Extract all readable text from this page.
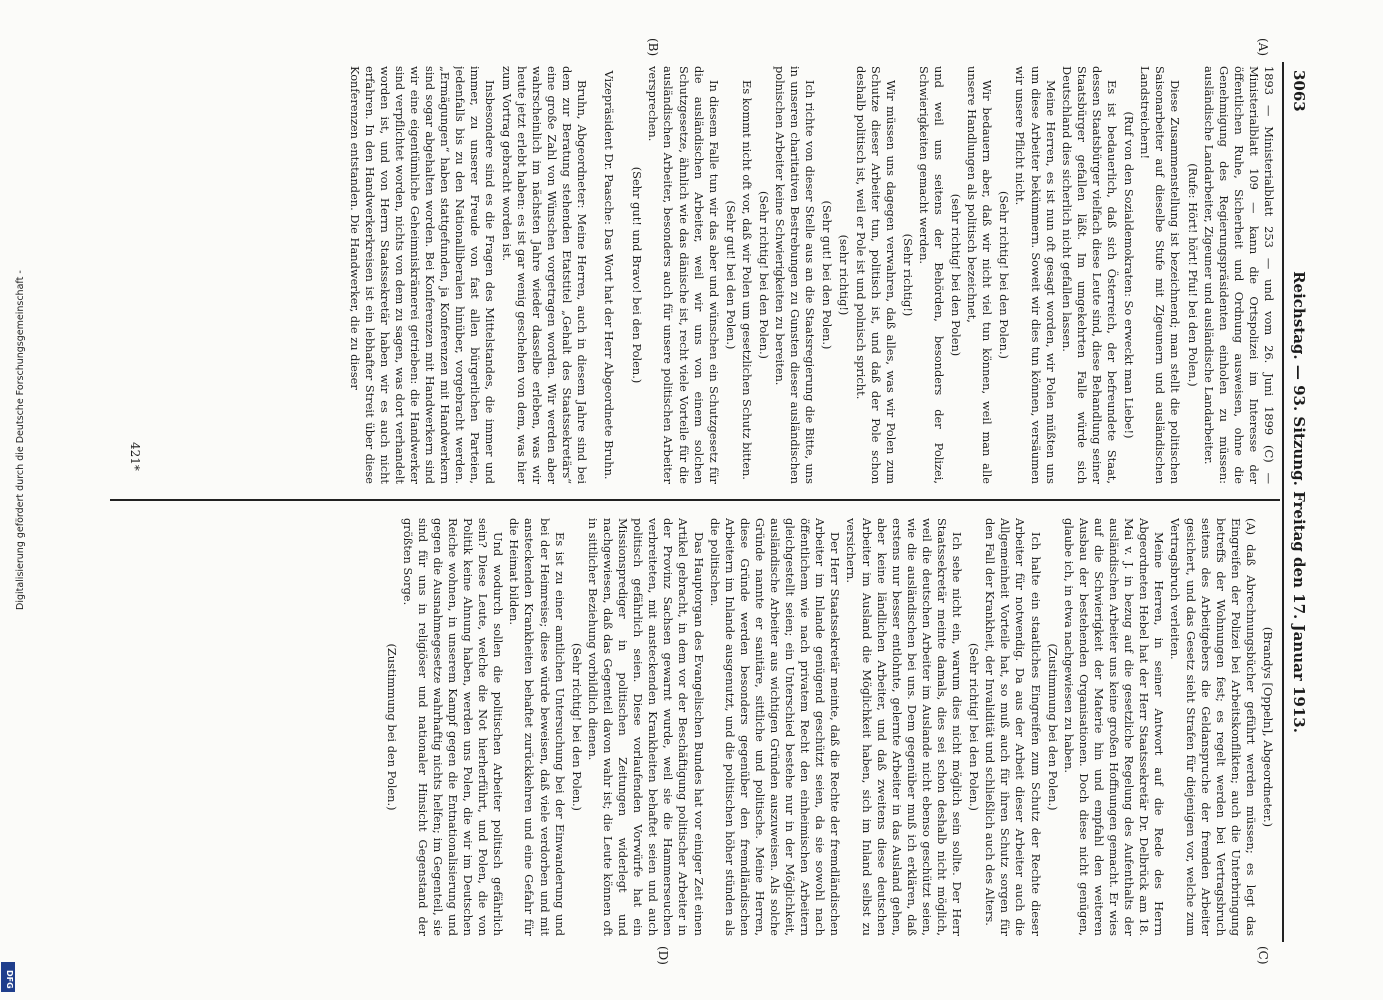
3063
Reichstag. — 93. Sitzung. Freitag den 17. Januar 1913.

1893 — Ministerialblatt 253 — und vom 26. Juni 1899 (C) — Ministerialblatt 109 — kann die Ortspolizei im Interesse der öffentlichen Ruhe, Sicherheit und Ordnung ausweisen, ohne die Genehmigung des Regierungspräsidenten einholen zu müssen: ausländische Landarbeiter, Zigeuner und ausländische Landarbeiter.

(Rufe: Hört! hört! Pfui! bei den Polen.)

Diese Zusammenstellung ist bezeichnend; man stellt die politischen Saisonarbeiter auf dieselbe Stufe mit Zigeunern und ausländischen Landstreichern!

(Ruf von den Sozialdemokraten: So erweckt man Liebe!)

Es ist bedauerlich, daß sich Österreich, der befreundete Staat, dessen Staatsbürger vielfach diese Leute sind, diese Behandlung seiner Staatsbürger gefallen läßt. Im umgekehrten Falle würde sich Deutschland dies sicherlich nicht gefallen lassen.

Meine Herren, es ist nun oft gesagt worden, wir Polen müßten uns um diese Arbeiter bekümmern. Soweit wir dies tun können, versäumen wir unsere Pflicht nicht.

(Sehr richtig! bei den Polen.)

Wir bedauern aber, daß wir nicht viel tun können, weil man alle unsere Handlungen als politisch bezeichnet,

(sehr richtig! bei den Polen)

und weil uns seitens der Behörden, besonders der Polizei, Schwierigkeiten gemacht werden.

(Sehr richtig!)

Wir müssen uns dagegen verwahren, daß alles, was wir Polen zum Schutze dieser Arbeiter tun, politisch ist, und daß der Pole schon deshalb politisch ist, weil er Pole ist und polnisch spricht.

(sehr richtig!)

(Sehr gut! bei den Polen.)

Ich richte von dieser Stelle aus an die Staatsregierung die Bitte, uns in unseren charitativen Bestrebungen zu Gunsten dieser ausländischen polnischen Arbeiter keine Schwierigkeiten zu bereiten.

(Sehr richtig! bei den Polen.)

Es kommt nicht oft vor, daß wir Polen um gesetzlichen Schutz bitten.

(Sehr gut! bei den Polen.)

In diesem Falle tun wir das aber und wünschen ein Schutzgesetz für die ausländischen Arbeiter, weil wir uns von einem solchen Schutzgesetze, ähnlich wie das dänische ist, recht viele Vorteile für die ausländischen Arbeiter, besonders auch für unsere politischen Arbeiter versprechen.

(Sehr gut! und Bravo! bei den Polen.)

Vizepräsident Dr. Paasche: Das Wort hat der Herr Abgeordnete Bruhn.

Bruhn, Abgeordneter: Meine Herren, auch in diesem Jahre sind bei dem zur Beratung stehenden Etatstitel „Gehalt des Staatssekretärs“ eine große Zahl von Wünschen vorgetragen worden. Wir werden aber wahrscheinlich im nächsten Jahre wieder dasselbe erleben, was wir heute jetzt erlebt haben: es ist gar wenig geschehen von dem, was hier zum Vortrag gebracht worden ist.

Insbesondere sind es die Fragen des Mittelstandes, die immer und immer, zu unserer Freude von fast allen bürgerlichen Parteien, jedenfalls bis zu den Nationalliberalen hinüber, vorgebracht werden. „Ermägungen“ haben stattgefunden, ja Konferenzen mit Handwerkern sind sogar abgehalten worden. Bei Konferenzen mit Handwerkern sind wir eine eigentümliche Geheimniskrämerei getrieben: die Handwerker sind verpflichtet worden, nichts von dem zu sagen, was dort verhandelt worden ist, und von Herrn Staatssekretär haben wir es auch nicht erfahren. In den Handwerkerkreisen ist ein lebhafter Streit über diese Konferenzen entstanden. Die Handwerker, die zu dieser

(Brandys [Oppeln], Abgeordneter.)

(A) daß Abrechnungsbücher geführt werden müssen; es legt das Eingreifen der Polizei bei Arbeitskonflikten; auch die Unterbringung betreffs der Wohnungen fest; es regelt werden bei Vertragsbruch seitens des Arbeitgebers die Geldanspruche der fremden Arbeiter gesichert, und das Gesetz sieht Strafen für diejenigen vor, welche zum Vertragsbruch verleiten.

Meine Herren, in seiner Antwort auf die Rede des Herrn Abgeordneten Hebel hat der Herr Staatssekretär Dr. Delbrück am 18. Mai v. J. in bezug auf die gesetzliche Regelung des Aufenthalts der ausländischen Arbeiter uns keine großen Hoffnungen gemacht. Er wies auf die Schwierigkeit der Materie hin und empfahl den weiteren Ausbau der bestehenden Organisationen. Doch diese nicht genügen, glaube ich, in etwa nachgewiesen zu haben.

(Zustimmung bei den Polen.)

Ich halte ein staatliches Eingreifen zum Schutz der Rechte dieser Arbeiter für notwendig. Da aus der Arbeit dieser Arbeiter auch die Allgemeinheit Vorteile hat, so muß auch für ihren Schutz sorgen für den Fall der Krankheit, der Invalidität und schließlich auch des Alters.

(Sehr richtig! bei den Polen.)

Ich sehe nicht ein, warum dies nicht möglich sein sollte. Der Herr Staatssekretär meinte damals, dies sei schon deshalb nicht möglich, weil die deutschen Arbeiter im Auslande nicht ebenso geschützt seien, wie die ausländischen bei uns. Dem gegenüber muß ich erklären, daß erstens nur besser entlohnte, gelernte Arbeiter in das Ausland gehen, aber keine ländlichen Arbeiter, und daß zweitens diese deutschen Arbeiter im Ausland die Möglichkeit haben, sich im Inland selbst zu versichern.

Der Herr Staatssekretär meinte, daß die Rechte der fremdländischen Arbeiter im Inlande genügend geschützt seien, da sie sowohl nach öffentlichem wie nach privatem Recht den einheimischen Arbeitern gleichgestellt seien; ein Unterschied bestehe nur in der Möglichkeit, ausländische Arbeiter aus wichtigen Gründen auszuweisen. Als solche Gründe nannte er sanitäre, sittliche und politische. Meine Herren, diese Gründe werden besonders gegenüber den fremdländischen Arbeitern im Inlande ausgenutzt, und die politischen höher stünden als die politischen.

Das Hauptorgan des Evangelischen Bundes hat vor einiger Zeit einen Artikel gebracht, in dem vor der Beschäftigung politischer Arbeiter in der Provinz Sachsen gewarnt wurde, weil sie die Hammerseuchen verbreiteten, mit ansteckenden Krankheiten behaftet seien und auch politisch gefährlich seien. Diese vorlaufenden Vorwürfe hat ein Missionsprediger in politischen Zeitungen widerlegt und nachgewiesen, daß das Gegenteil davon wahr ist; die Leute können oft in sittlicher Beziehung vorbildlich dienen.

(Sehr richtig! bei den Polen.)

Es ist zu einer amtlichen Untersuchung bei der Einwanderung und bei der Heimreise; diese würde beweisen, daß viele verdorben und mit ansteckenden Krankheiten behaftet zurückkehren und eine Gefahr für die Heimat bilden.

Und wodurch sollen die politischen Arbeiter politisch gefährlich sein? Diese Leute, welche die Not hierherführt, und Polen, die von Politik keine Ahnung haben, werden uns Polen, die wir im Deutschen Reiche wohnen, in unserem Kampf gegen die Entnationalisierung und gegen die Ausnahmegesetze wahrhaftig nichts helfen; im Gegenteil, sie sind für uns in religiöser und nationaler Hinsicht Gegenstand der größten Sorge.

(Zustimmung bei den Polen.)

(A)
(B)
(C)
(D)
421*
Digitalisierung gefördert durch die Deutsche Forschungsgemeinschaft -
DFG
